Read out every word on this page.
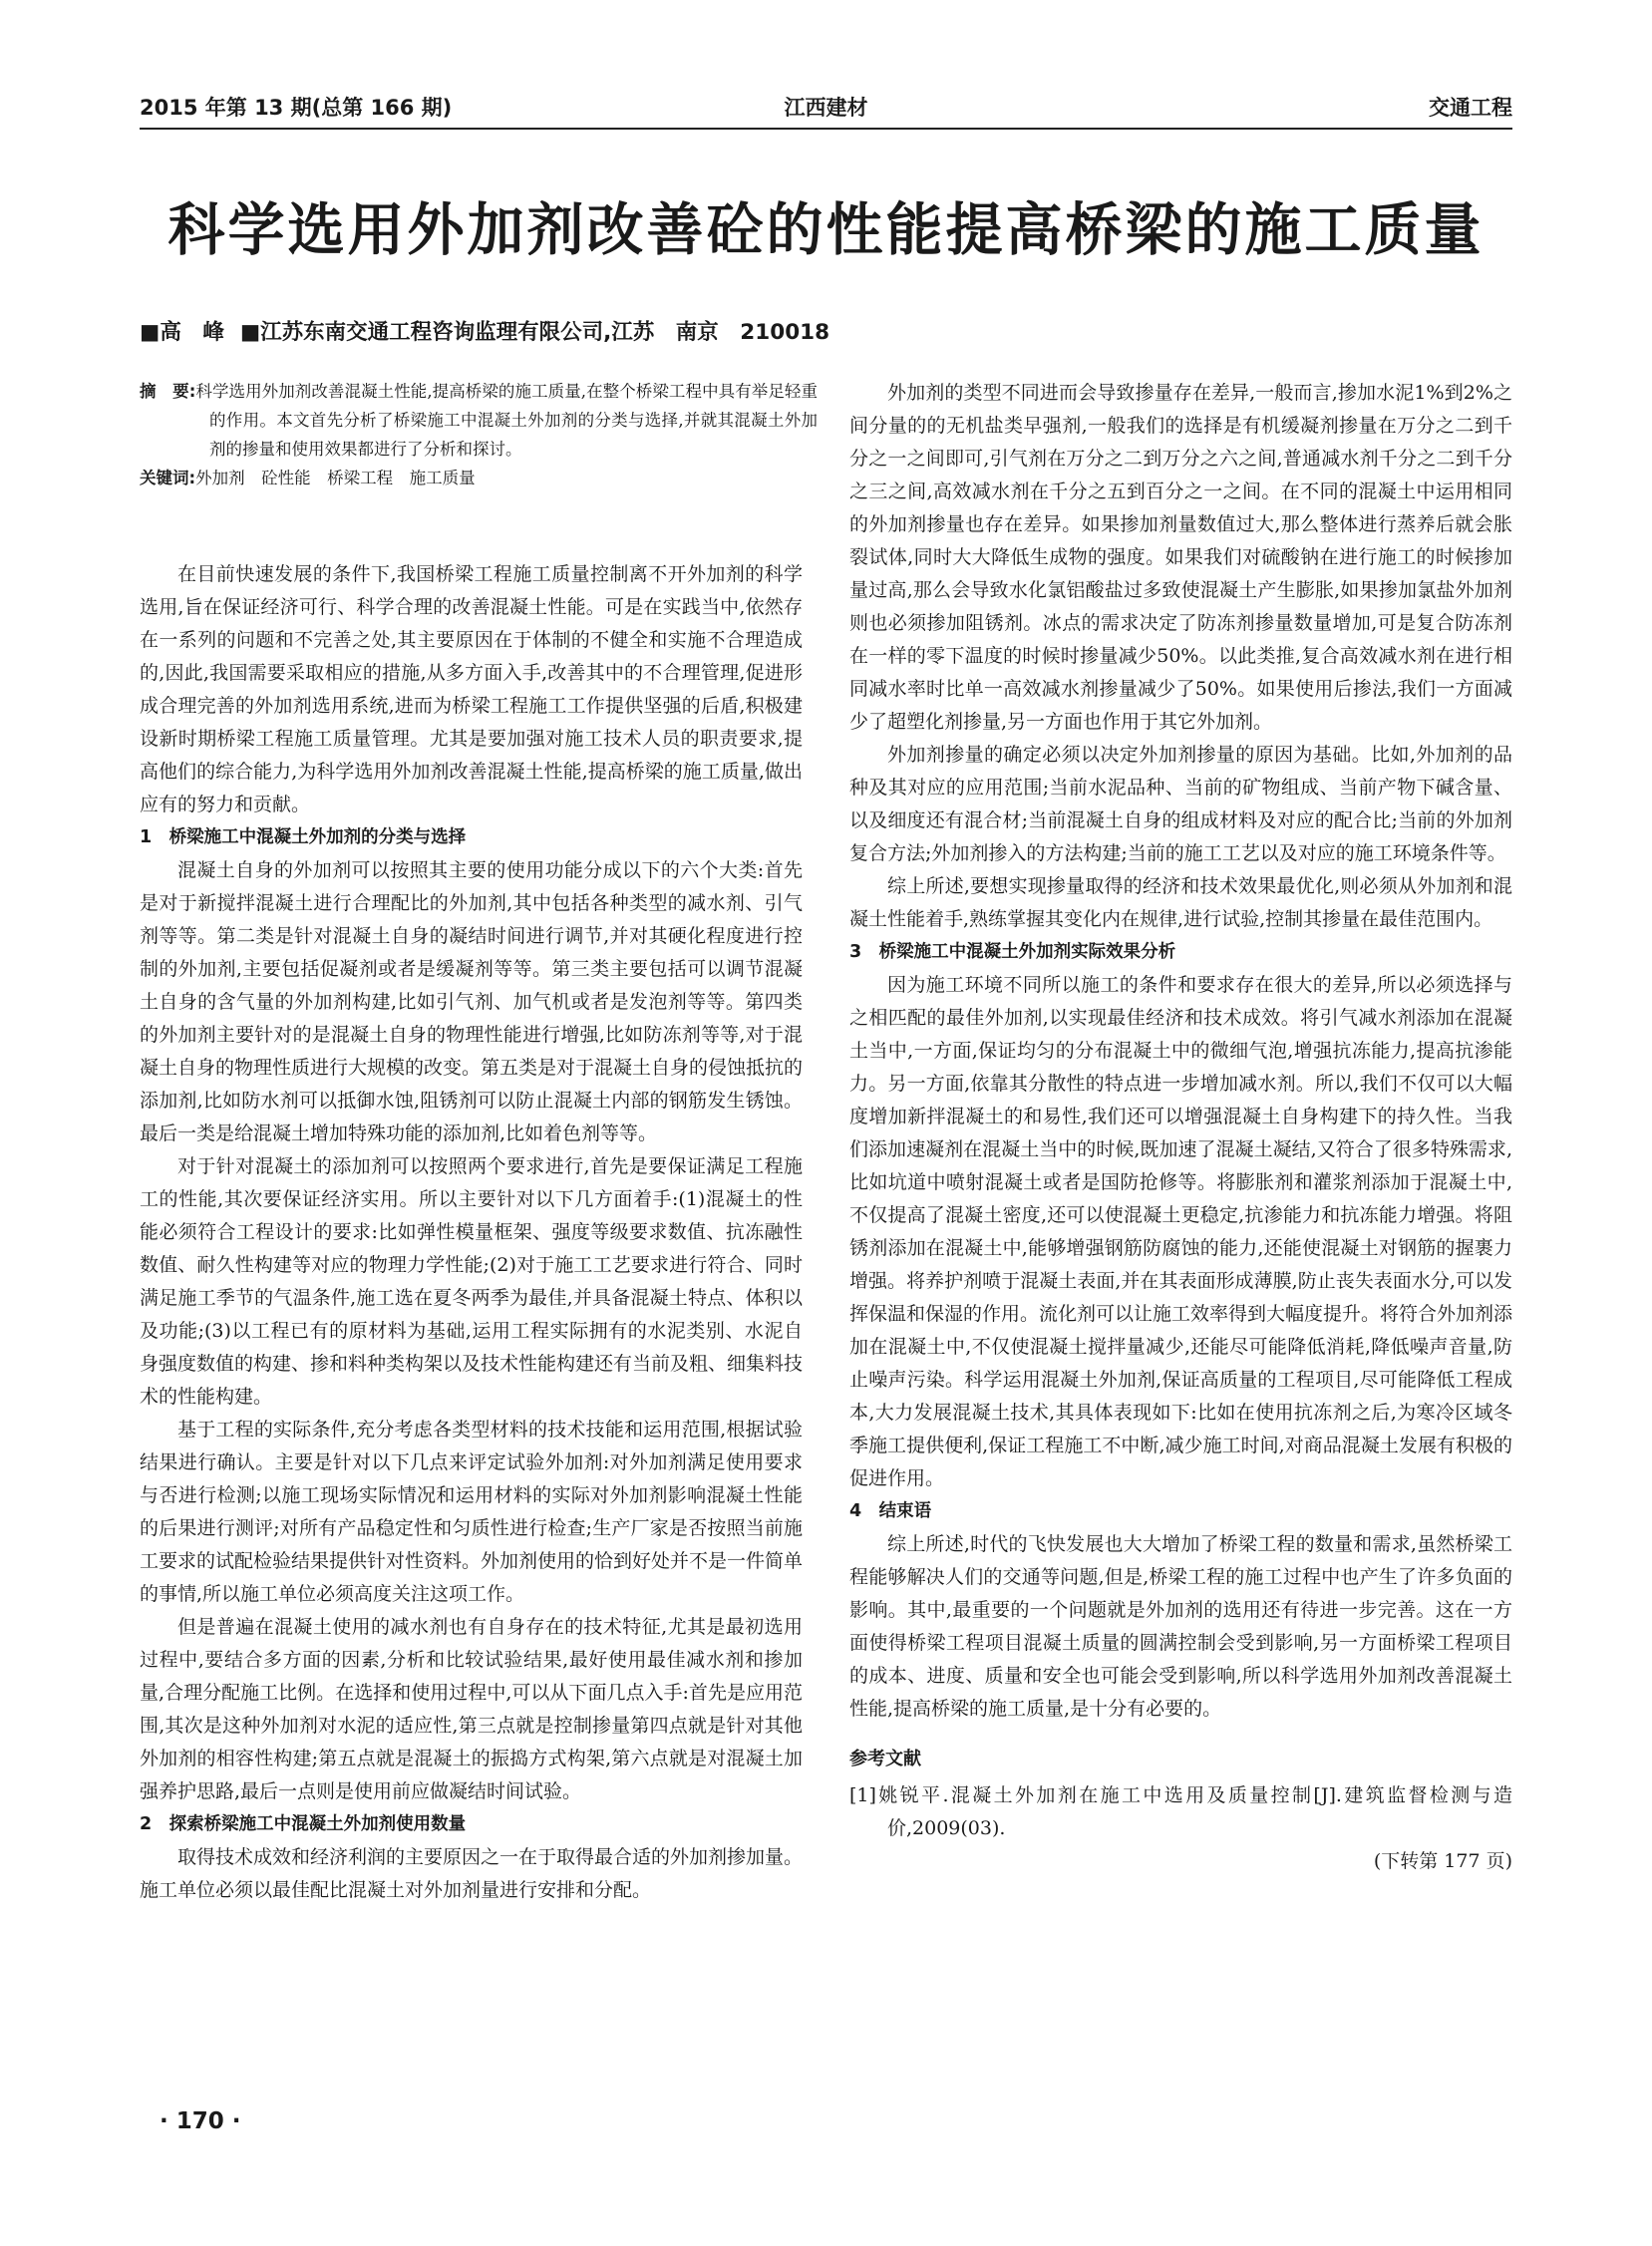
2015 年第 13 期(总第 166 期)	江西建材	交通工程
科学选用外加剂改善砼的性能提高桥梁的施工质量
■高　峰 ■江苏东南交通工程咨询监理有限公司,江苏　南京　210018
摘　要:科学选用外加剂改善混凝土性能,提高桥梁的施工质量,在整个桥梁工程中具有举足轻重的作用。本文首先分析了桥梁施工中混凝土外加剂的分类与选择,并就其混凝土外加剂的掺量和使用效果都进行了分析和探讨。
关键词:外加剂　砼性能　桥梁工程　施工质量

在目前快速发展的条件下,我国桥梁工程施工质量控制离不开外加剂的科学选用,旨在保证经济可行、科学合理的改善混凝土性能。可是在实践当中,依然存在一系列的问题和不完善之处,其主要原因在于体制的不健全和实施不合理造成的,因此,我国需要采取相应的措施,从多方面入手,改善其中的不合理管理,促进形成合理完善的外加剂选用系统,进而为桥梁工程施工工作提供坚强的后盾,积极建设新时期桥梁工程施工质量管理。尤其是要加强对施工技术人员的职责要求,提高他们的综合能力,为科学选用外加剂改善混凝土性能,提高桥梁的施工质量,做出应有的努力和贡献。

1　桥梁施工中混凝土外加剂的分类与选择

混凝土自身的外加剂可以按照其主要的使用功能分成以下的六个大类:首先是对于新搅拌混凝土进行合理配比的外加剂,其中包括各种类型的减水剂、引气剂等等。第二类是针对混凝土自身的凝结时间进行调节,并对其硬化程度进行控制的外加剂,主要包括促凝剂或者是缓凝剂等等。第三类主要包括可以调节混凝土自身的含气量的外加剂构建,比如引气剂、加气机或者是发泡剂等等。第四类的外加剂主要针对的是混凝土自身的物理性能进行增强,比如防冻剂等等,对于混凝土自身的物理性质进行大规模的改变。第五类是对于混凝土自身的侵蚀抵抗的添加剂,比如防水剂可以抵御水蚀,阻锈剂可以防止混凝土内部的钢筋发生锈蚀。最后一类是给混凝土增加特殊功能的添加剂,比如着色剂等等。

对于针对混凝土的添加剂可以按照两个要求进行,首先是要保证满足工程施工的性能,其次要保证经济实用。所以主要针对以下几方面着手:(1)混凝土的性能必须符合工程设计的要求:比如弹性模量框架、强度等级要求数值、抗冻融性数值、耐久性构建等对应的物理力学性能;(2)对于施工工艺要求进行符合、同时满足施工季节的气温条件,施工选在夏冬两季为最佳,并具备混凝土特点、体积以及功能;(3)以工程已有的原材料为基础,运用工程实际拥有的水泥类别、水泥自身强度数值的构建、掺和料种类构架以及技术性能构建还有当前及粗、细集料技术的性能构建。

基于工程的实际条件,充分考虑各类型材料的技术技能和运用范围,根据试验结果进行确认。主要是针对以下几点来评定试验外加剂:对外加剂满足使用要求与否进行检测;以施工现场实际情况和运用材料的实际对外加剂影响混凝土性能的后果进行测评;对所有产品稳定性和匀质性进行检查;生产厂家是否按照当前施工要求的试配检验结果提供针对性资料。外加剂使用的恰到好处并不是一件简单的事情,所以施工单位必须高度关注这项工作。

但是普遍在混凝土使用的减水剂也有自身存在的技术特征,尤其是最初选用过程中,要结合多方面的因素,分析和比较试验结果,最好使用最佳减水剂和掺加量,合理分配施工比例。在选择和使用过程中,可以从下面几点入手:首先是应用范围,其次是这种外加剂对水泥的适应性,第三点就是控制掺量第四点就是针对其他外加剂的相容性构建;第五点就是混凝土的振捣方式构架,第六点就是对混凝土加强养护思路,最后一点则是使用前应做凝结时间试验。

2　探索桥梁施工中混凝土外加剂使用数量

取得技术成效和经济利润的主要原因之一在于取得最合适的外加剂掺加量。施工单位必须以最佳配比混凝土对外加剂量进行安排和分配。

外加剂的类型不同进而会导致掺量存在差异,一般而言,掺加水泥1%到2%之间分量的的无机盐类早强剂,一般我们的选择是有机缓凝剂掺量在万分之二到千分之一之间即可,引气剂在万分之二到万分之六之间,普通减水剂千分之二到千分之三之间,高效减水剂在千分之五到百分之一之间。在不同的混凝土中运用相同的外加剂掺量也存在差异。如果掺加剂量数值过大,那么整体进行蒸养后就会胀裂试体,同时大大降低生成物的强度。如果我们对硫酸钠在进行施工的时候掺加量过高,那么会导致水化氯铝酸盐过多致使混凝土产生膨胀,如果掺加氯盐外加剂则也必须掺加阻锈剂。冰点的需求决定了防冻剂掺量数量增加,可是复合防冻剂在一样的零下温度的时候时掺量减少50%。以此类推,复合高效减水剂在进行相同减水率时比单一高效减水剂掺量减少了50%。如果使用后掺法,我们一方面减少了超塑化剂掺量,另一方面也作用于其它外加剂。

外加剂掺量的确定必须以决定外加剂掺量的原因为基础。比如,外加剂的品种及其对应的应用范围;当前水泥品种、当前的矿物组成、当前产物下碱含量、以及细度还有混合材;当前混凝土自身的组成材料及对应的配合比;当前的外加剂复合方法;外加剂掺入的方法构建;当前的施工工艺以及对应的施工环境条件等。

综上所述,要想实现掺量取得的经济和技术效果最优化,则必须从外加剂和混凝土性能着手,熟练掌握其变化内在规律,进行试验,控制其掺量在最佳范围内。

3　桥梁施工中混凝土外加剂实际效果分析

因为施工环境不同所以施工的条件和要求存在很大的差异,所以必须选择与之相匹配的最佳外加剂,以实现最佳经济和技术成效。将引气减水剂添加在混凝土当中,一方面,保证均匀的分布混凝土中的微细气泡,增强抗冻能力,提高抗渗能力。另一方面,依靠其分散性的特点进一步增加减水剂。所以,我们不仅可以大幅度增加新拌混凝土的和易性,我们还可以增强混凝土自身构建下的持久性。当我们添加速凝剂在混凝土当中的时候,既加速了混凝土凝结,又符合了很多特殊需求,比如坑道中喷射混凝土或者是国防抢修等。将膨胀剂和灌浆剂添加于混凝土中,不仅提高了混凝土密度,还可以使混凝土更稳定,抗渗能力和抗冻能力增强。将阻锈剂添加在混凝土中,能够增强钢筋防腐蚀的能力,还能使混凝土对钢筋的握裹力增强。将养护剂喷于混凝土表面,并在其表面形成薄膜,防止丧失表面水分,可以发挥保温和保湿的作用。流化剂可以让施工效率得到大幅度提升。将符合外加剂添加在混凝土中,不仅使混凝土搅拌量减少,还能尽可能降低消耗,降低噪声音量,防止噪声污染。科学运用混凝土外加剂,保证高质量的工程项目,尽可能降低工程成本,大力发展混凝土技术,其具体表现如下:比如在使用抗冻剂之后,为寒冷区域冬季施工提供便利,保证工程施工不中断,减少施工时间,对商品混凝土发展有积极的促进作用。

4　结束语

综上所述,时代的飞快发展也大大增加了桥梁工程的数量和需求,虽然桥梁工程能够解决人们的交通等问题,但是,桥梁工程的施工过程中也产生了许多负面的影响。其中,最重要的一个问题就是外加剂的选用还有待进一步完善。这在一方面使得桥梁工程项目混凝土质量的圆满控制会受到影响,另一方面桥梁工程项目的成本、进度、质量和安全也可能会受到影响,所以科学选用外加剂改善混凝土性能,提高桥梁的施工质量,是十分有必要的。

参考文献
[1]姚锐平.混凝土外加剂在施工中选用及质量控制[J].建筑监督检测与造价,2009(03).
(下转第 177 页)
· 170 ·
